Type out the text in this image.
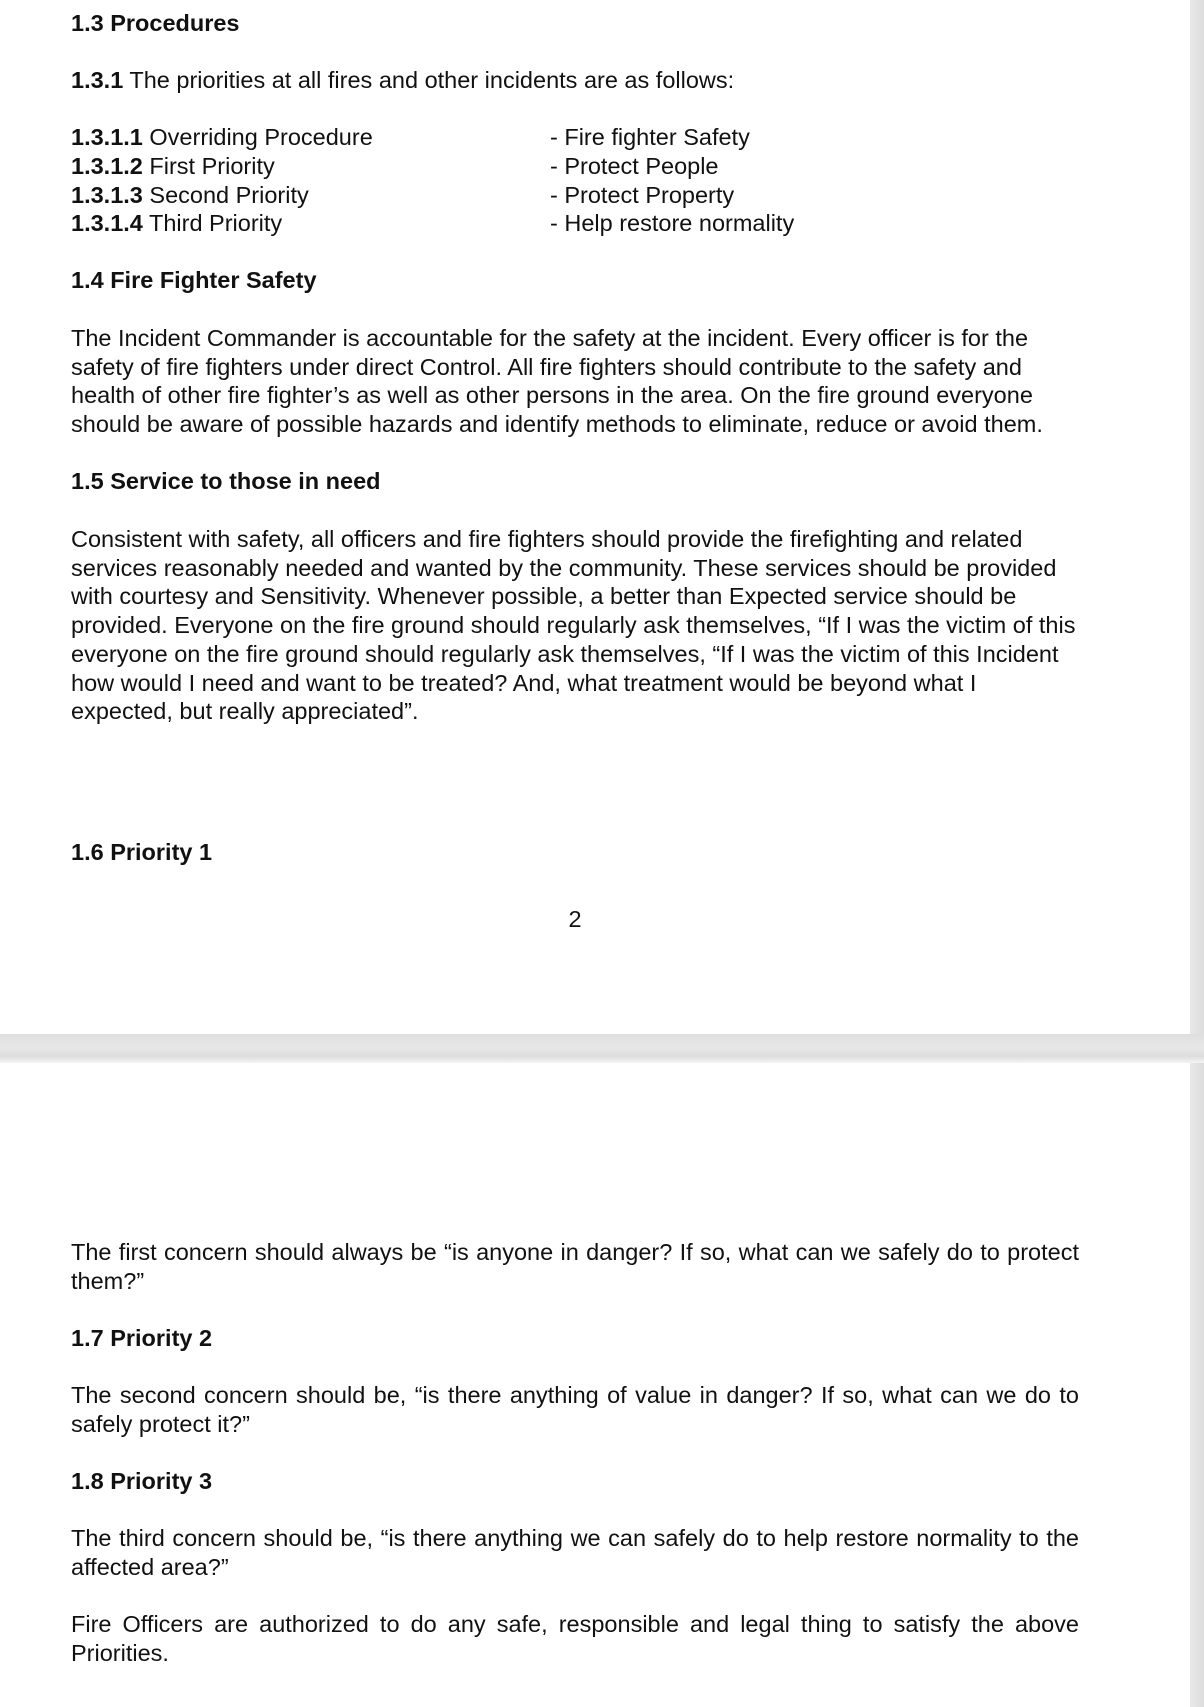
1.3 Procedures

1.3.1 The priorities at all fires and other incidents are as follows:

1.3.1.1 Overriding Procedure
1.3.1.2 First Priority
1.3.1.3 Second Priority
1.3.1.4 Third Priority
- Fire fighter Safety
- Protect People
- Protect Property
- Help restore normality

1.4 Fire Fighter Safety

The Incident Commander is accountable for the safety at the incident. Every officer is for the safety of fire fighters under direct Control. All fire fighters should contribute to the safety and health of other fire fighter’s as well as other persons in the area. On the fire ground everyone should be aware of possible hazards and identify methods to eliminate, reduce or avoid them.

1.5 Service to those in need

Consistent with safety, all officers and fire fighters should provide the firefighting and related services reasonably needed and wanted by the community. These services should be provided with courtesy and Sensitivity. Whenever possible, a better than Expected service should be provided. Everyone on the fire ground should regularly ask themselves, “If I was the victim of this everyone on the fire ground should regularly ask themselves, “If I was the victim of this Incident how would I need and want to be treated? And, what treatment would be beyond what I expected, but really appreciated”.

1.6 Priority 1

2

The first concern should always be “is anyone in danger? If so, what can we safely do to protect them?”

1.7 Priority 2

The second concern should be, “is there anything of value in danger? If so, what can we do to safely protect it?”

1.8 Priority 3

The third concern should be, “is there anything we can safely do to help restore normality to the affected area?”

Fire Officers are authorized to do any safe, responsible and legal thing to satisfy the above Priorities.
